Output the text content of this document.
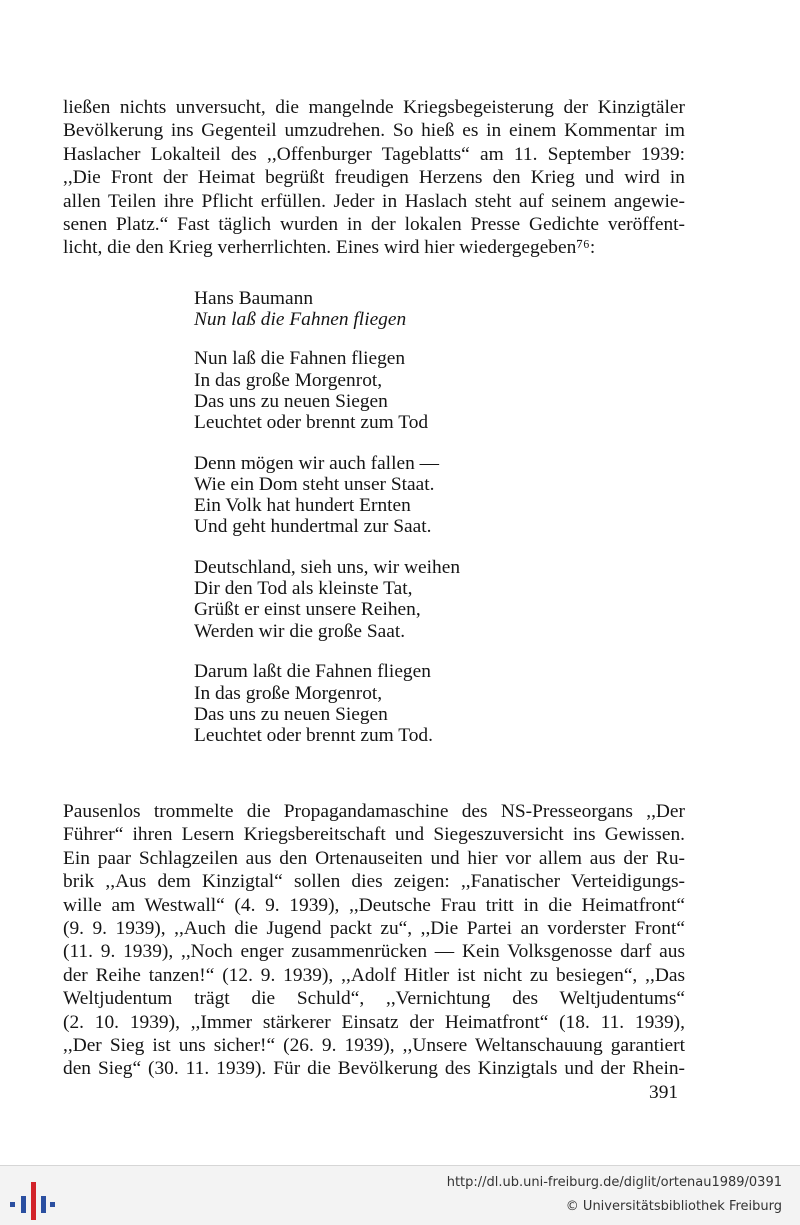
ließen nichts unversucht, die mangelnde Kriegsbegeisterung der Kinzigtäler
Bevölkerung ins Gegenteil umzudrehen. So hieß es in einem Kommentar im
Haslacher Lokalteil des ,,Offenburger Tageblatts“ am 11. September 1939:
,,Die Front der Heimat begrüßt freudigen Herzens den Krieg und wird in
allen Teilen ihre Pflicht erfüllen. Jeder in Haslach steht auf seinem angewie-
senen Platz.“ Fast täglich wurden in der lokalen Presse Gedichte veröffent-
licht, die den Krieg verherrlichten. Eines wird hier wiedergegeben⁷⁶:

Hans Baumann
Nun laß die Fahnen fliegen
Nun laß die Fahnen fliegen
In das große Morgenrot,
Das uns zu neuen Siegen
Leuchtet oder brennt zum Tod
Denn mögen wir auch fallen —
Wie ein Dom steht unser Staat.
Ein Volk hat hundert Ernten
Und geht hundertmal zur Saat.
Deutschland, sieh uns, wir weihen
Dir den Tod als kleinste Tat,
Grüßt er einst unsere Reihen,
Werden wir die große Saat.
Darum laßt die Fahnen fliegen
In das große Morgenrot,
Das uns zu neuen Siegen
Leuchtet oder brennt zum Tod.

Pausenlos trommelte die Propagandamaschine des NS-Presseorgans ,,Der
Führer“ ihren Lesern Kriegsbereitschaft und Siegeszuversicht ins Gewissen.
Ein paar Schlagzeilen aus den Ortenauseiten und hier vor allem aus der Ru-
brik ,,Aus dem Kinzigtal“ sollen dies zeigen: ,,Fanatischer Verteidigungs-
wille am Westwall“ (4. 9. 1939), ,,Deutsche Frau tritt in die Heimatfront“
(9. 9. 1939), ,,Auch die Jugend packt zu“, ,,Die Partei an vorderster Front“
(11. 9. 1939), ,,Noch enger zusammenrücken — Kein Volksgenosse darf aus
der Reihe tanzen!“ (12. 9. 1939), ,,Adolf Hitler ist nicht zu besiegen“, ,,Das
Weltjudentum trägt die Schuld“, ,,Vernichtung des Weltjudentums“
(2. 10. 1939), ,,Immer stärkerer Einsatz der Heimatfront“ (18. 11. 1939),
,,Der Sieg ist uns sicher!“ (26. 9. 1939), ,,Unsere Weltanschauung garantiert
den Sieg“ (30. 11. 1939). Für die Bevölkerung des Kinzigtals und der Rhein-

391
http://dl.ub.uni-freiburg.de/diglit/ortenau1989/0391
© Universitätsbibliothek Freiburg
